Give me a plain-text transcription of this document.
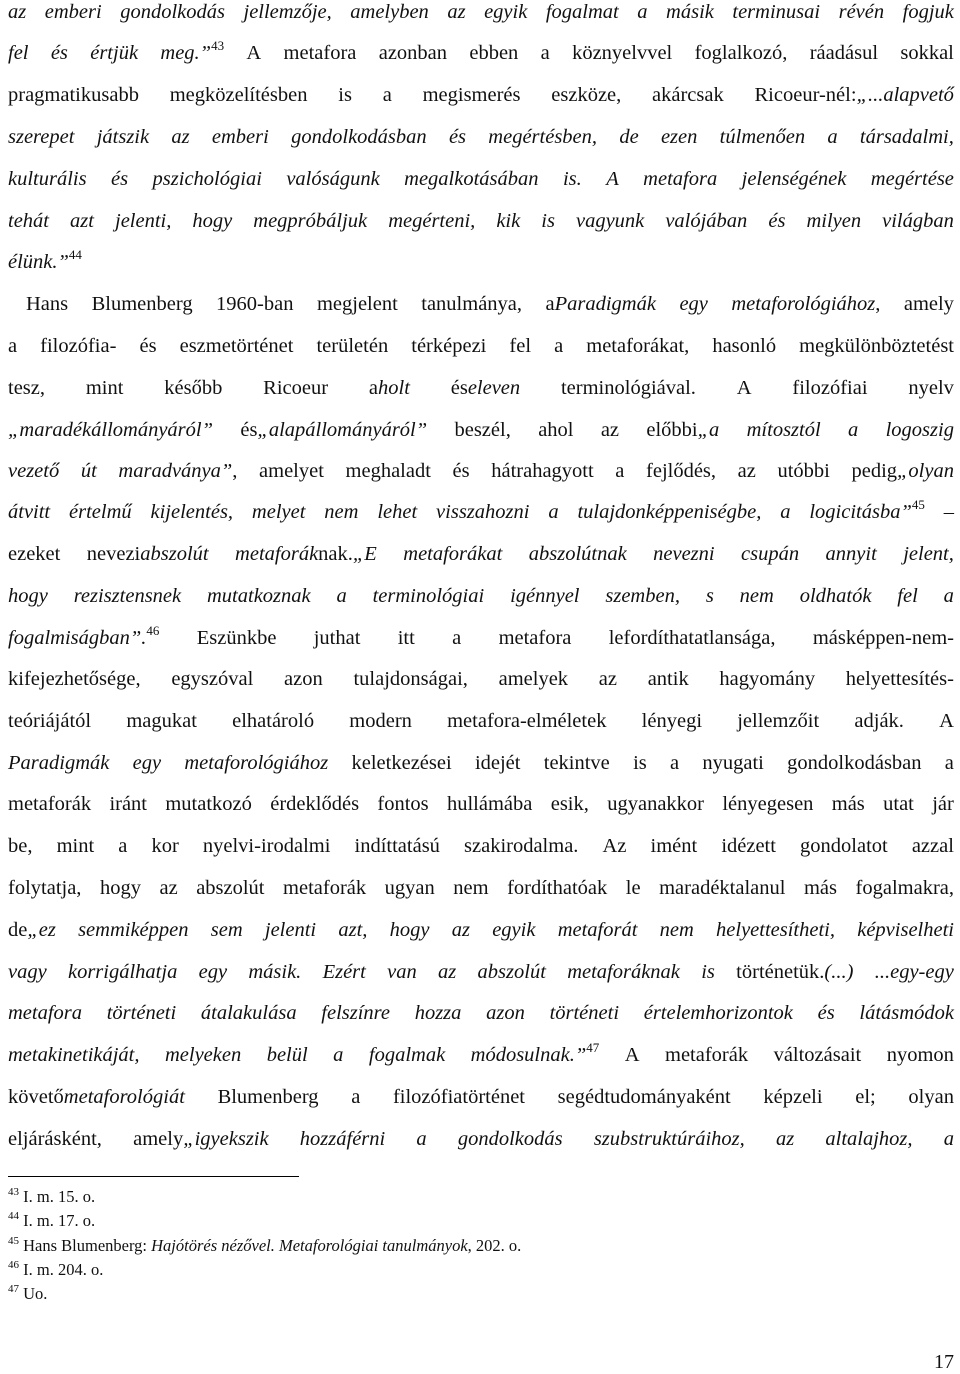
az emberi gondolkodás jellemzője, amelyben az egyik fogalmat a másik terminusai révén fogjuk
fel és értjük meg.”$^{43}$ A metafora azonban ebben a köznyelvvel foglalkozó, ráadásul sokkal
pragmatikusabb megközelítésben is a megismerés eszköze, akárcsak Ricoeur-nél:„...alapvető
szerepet játszik az emberi gondolkodásban és megértésben, de ezen túlmenően a társadalmi,
kulturális és pszichológiai valóságunk megalkotásában is. A metafora jelenségének megértése
tehát azt jelenti, hogy megpróbáljuk megérteni, kik is vagyunk valójában és milyen világban
élünk.”$^{44}$
Hans Blumenberg 1960-ban megjelent tanulmánya, aParadigmák egy metaforológiához, amely
a filozófia- és eszmetörténet területén térképezi fel a metaforákat, hasonló megkülönböztetést
tesz, mint később Ricoeur aholt éseleven terminológiával. A filozófiai nyelv
„maradékállományáról” és„alapállományáról” beszél, ahol az előbbi„a mítosztól a logoszig
vezető út maradványa”, amelyet meghaladt és hátrahagyott a fejlődés, az utóbbi pedig„olyan
átvitt értelmű kijelentés, melyet nem lehet visszahozni a tulajdonképpeniségbe, a logicitásba”$^{45}$ –
ezeket neveziabszolút metaforáknak.„E metaforákat abszolútnak nevezni csupán annyit jelent,
hogy rezisztensnek mutatkoznak a terminológiai igénnyel szemben, s nem oldhatók fel a
fogalmiságban”.$^{46}$ Eszünkbe juthat itt a metafora lefordíthatatlansága, másképpen-nem-
kifejezhetősége, egyszóval azon tulajdonságai, amelyek az antik hagyomány helyettesítés-
teóriájától magukat elhatároló modern metafora-elméletek lényegi jellemzőit adják. A
Paradigmák egy metaforológiához keletkezései idejét tekintve is a nyugati gondolkodásban a
metaforák iránt mutatkozó érdeklődés fontos hullámába esik, ugyanakkor lényegesen más utat jár
be, mint a kor nyelvi-irodalmi indíttatású szakirodalma. Az imént idézett gondolatot azzal
folytatja, hogy az abszolút metaforák ugyan nem fordíthatóak le maradéktalanul más fogalmakra,
de„ez semmiképpen sem jelenti azt, hogy az egyik metaforát nem helyettesítheti, képviselheti
vagy korrigálhatja egy másik. Ezért van az abszolút metaforáknak is történetük.(...) ...egy-egy
metafora történeti átalakulása felszínre hozza azon történeti értelemhorizontok és látásmódok
metakinetikáját, melyeken belül a fogalmak módosulnak.”$^{47}$ A metaforák változásait nyomon
követőmetaforológiát Blumenberg a filozófiatörténet segédtudományaként képzeli el; olyan
eljárásként, amely„igyekszik hozzáférni a gondolkodás szubstruktúráihoz, az altalajhoz, a
$^{43}$ I. m. 15. o.
$^{44}$ I. m. 17. o.
$^{45}$ Hans Blumenberg: Hajótörés nézővel. Metaforológiai tanulmányok, 202. o.
$^{46}$ I. m. 204. o.
$^{47}$ Uo.
17
